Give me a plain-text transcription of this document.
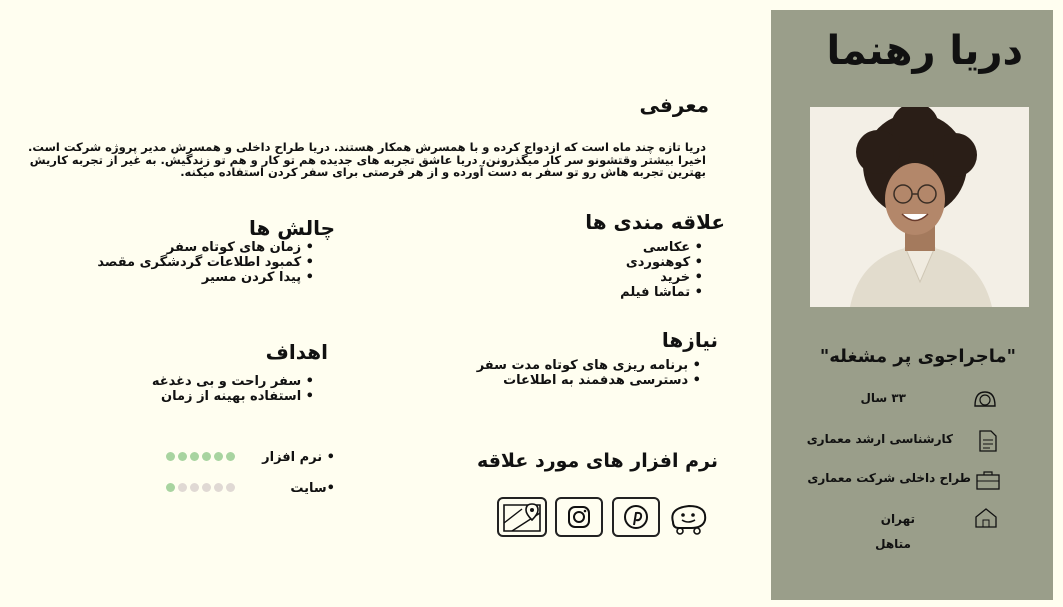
دریا رهنما
"ماجراجوی پر مشغله"
۳۳ سال
کارشناسی ارشد معماری
طراح داخلی شرکت معماری
تهران
متاهل
معرفی
دریا تازه چند ماه است که ازدواج کرده و با همسرش همکار هستند. دریا طراح داخلی و همسرش مدیر پروژه شرکت است. اخیرا بیشتر وقتشونو سر کار میگذرونن، دریا عاشق تجربه های جدیده هم تو کار و هم تو زندگیش. به غیر از تجربه کاریش بهترین تجربه هاش رو تو سفر به دست آورده و از هر فرصتی برای سفر کردن استفاده میکنه.
علاقه مندی ها
• عکاسی
• کوهنوردی
• خرید
• تماشا فیلم
چالش ها
• زمان های کوتاه سفر
• کمبود اطلاعات گردشگری مقصد
• پیدا کردن مسیر
نیازها
• برنامه ریزی های کوتاه مدت سفر
• دسترسی هدفمند به اطلاعات
اهداف
• سفر راحت و بی دغدغه
• استفاده بهینه از زمان
نرم افزار های مورد علاقه
• نرم افزار
•سایت
